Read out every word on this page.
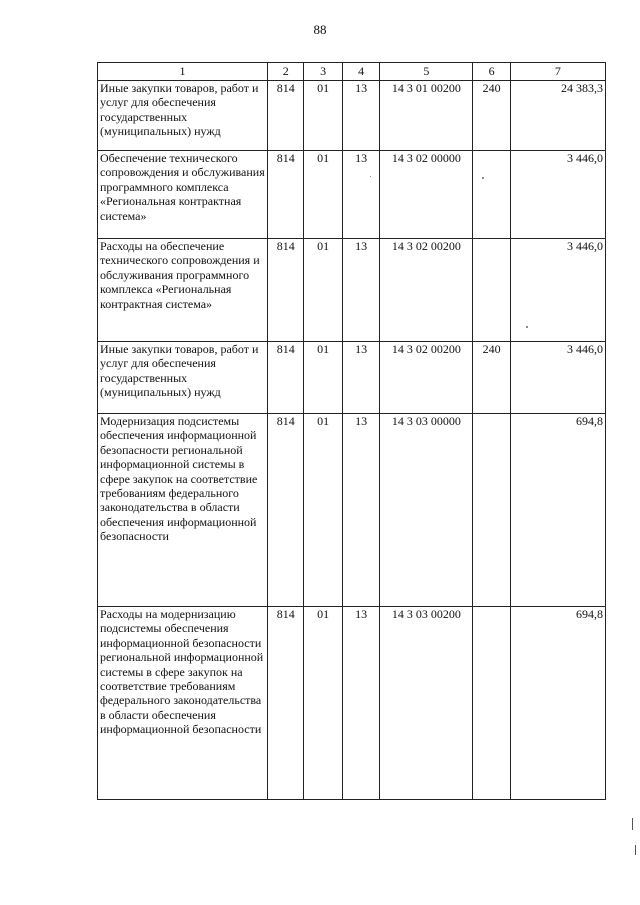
88
1	2	3	4	5	6	7
Иные закупки товаров, работ и услуг для обеспечения государственных (муниципальных) нужд	814	01	13	14 3 01 00200	240	24 383,3
Обеспечение технического сопровождения и обслуживания программного комплекса «Региональная контрактная система»	814	01	13	14 3 02 00000		3 446,0
Расходы на обеспечение технического сопровождения и обслуживания программного комплекса «Региональная контрактная система»	814	01	13	14 3 02 00200		3 446,0
Иные закупки товаров, работ и услуг для обеспечения государственных (муниципальных) нужд	814	01	13	14 3 02 00200	240	3 446,0
Модернизация подсистемы обеспечения информационной безопасности региональной информационной системы в сфере закупок на соответствие требованиям федерального законодательства в области обеспечения информационной безопасности	814	01	13	14 3 03 00000		694,8
Расходы на модернизацию подсистемы обеспечения информационной безопасности региональной информационной системы в сфере закупок на соответствие требованиям федерального законодательства в области обеспечения информационной безопасности	814	01	13	14 3 03 00200		694,8
